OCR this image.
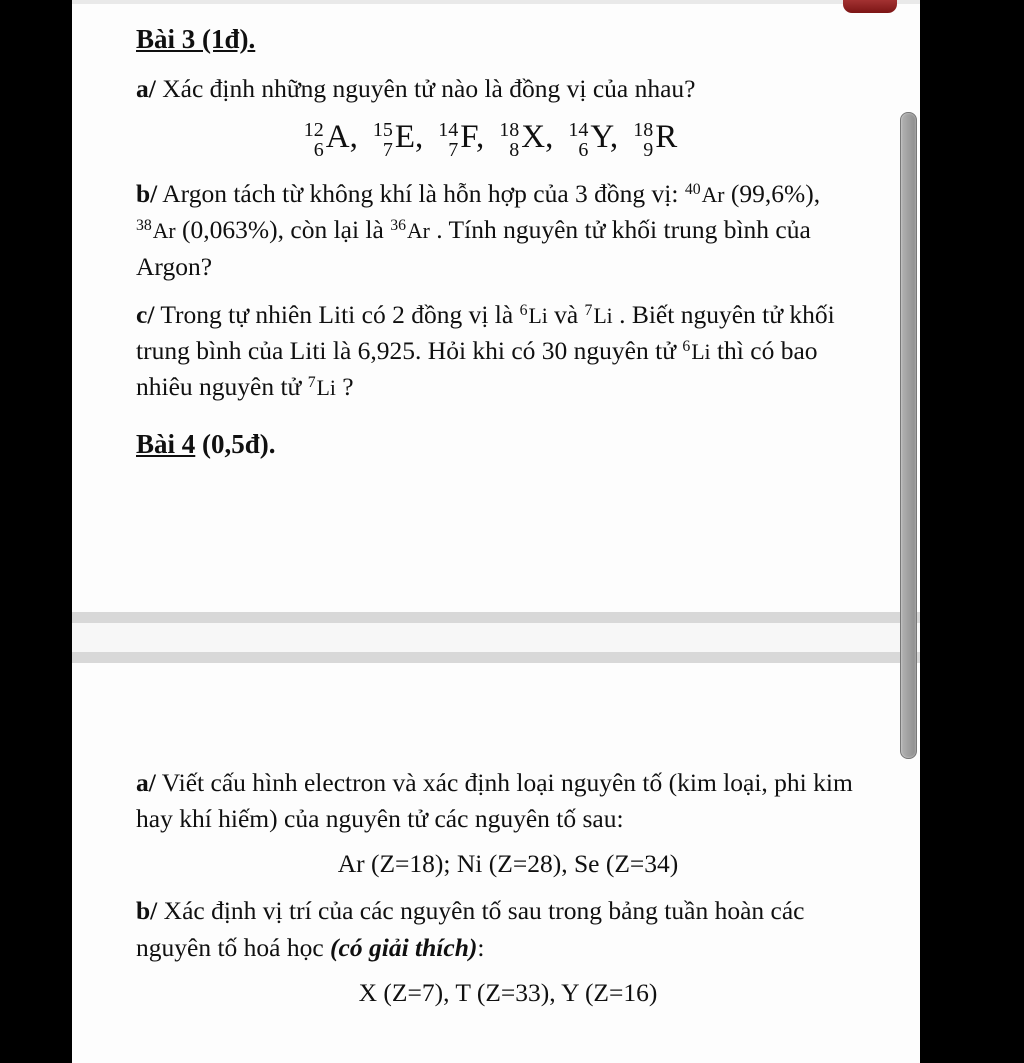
Bài 3 (1đ).

a/ Xác định những nguyên tử nào là đồng vị của nhau?

12
6 A, 15
7 E, 14
7 F, 18
8 X, 14
6 Y, 18
9 R

b/ Argon tách từ không khí là hỗn hợp của 3 đồng vị: $^{40}$Ar (99,6%), $^{38}$Ar (0,063%), còn lại là $^{36}$Ar . Tính nguyên tử khối trung bình của Argon?

c/ Trong tự nhiên Liti có 2 đồng vị là $^6$Li và $^7$Li . Biết nguyên tử khối trung bình của Liti là 6,925. Hỏi khi có 30 nguyên tử $^6$Li thì có bao nhiêu nguyên tử $^7$Li ?

Bài 4 (0,5đ).

a/ Viết cấu hình electron và xác định loại nguyên tố (kim loại, phi kim hay khí hiếm) của nguyên tử các nguyên tố sau:

Ar (Z=18); Ni (Z=28), Se (Z=34)

b/ Xác định vị trí của các nguyên tố sau trong bảng tuần hoàn các nguyên tố hoá học (có giải thích):

X (Z=7), T (Z=33), Y (Z=16)
